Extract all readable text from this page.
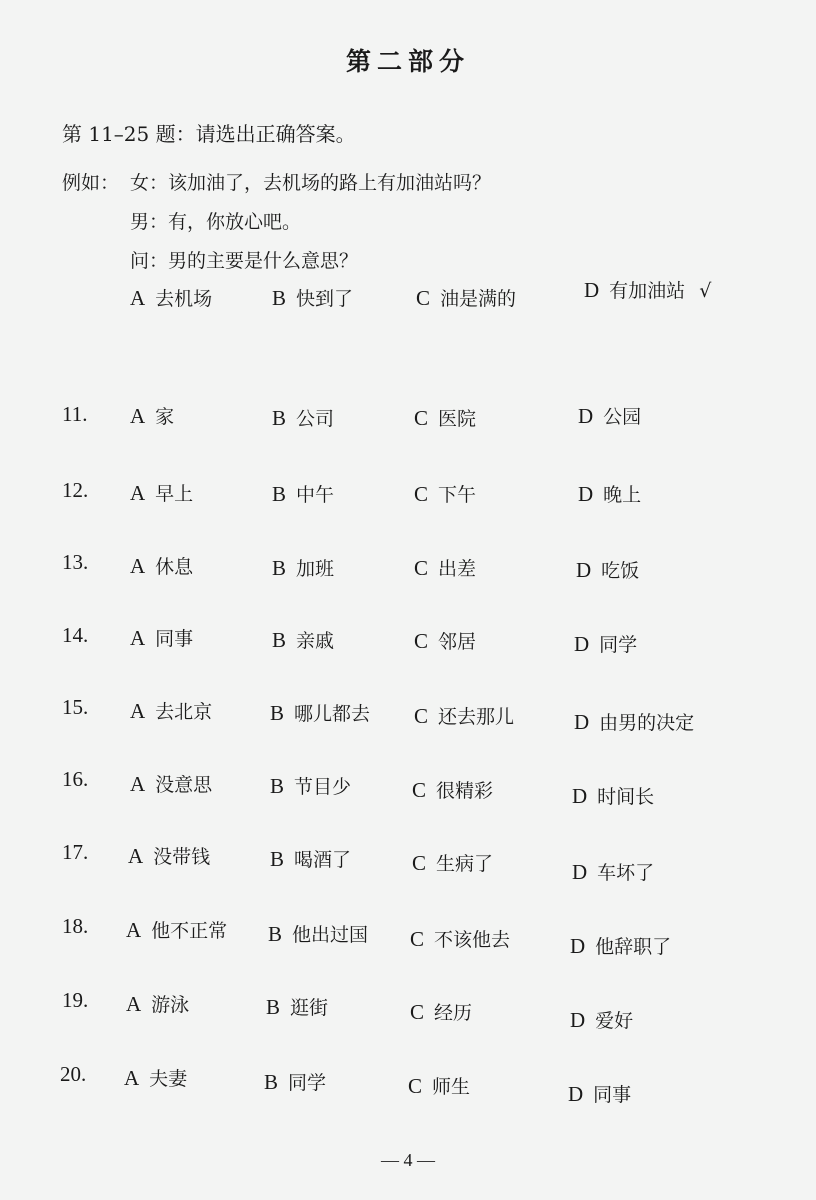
第二部分
第 11–25 题：请选出正确答案。
例如： 女：该加油了，去机场的路上有加油站吗？
男：有，你放心吧。
问：男的主要是什么意思？
A 去机场	B 快到了	C 油是满的	D 有加油站 √
11. A 家	B 公司	C 医院	D 公园
12. A 早上	B 中午	C 下午	D 晚上
13. A 休息	B 加班	C 出差	D 吃饭
14. A 同事	B 亲戚	C 邻居	D 同学
15. A 去北京	B 哪儿都去 C 还去那儿	D 由男的决定
16. A 没意思	B 节目少	C 很精彩	D 时间长
17. A 没带钱	B 喝酒了	C 生病了	D 车坏了
18. A 他不正常 B 他出过国 C 不该他去	D 他辞职了
19. A 游泳	B 逛街	C 经历	D 爱好
20. A 夫妻	B 同学	C 师生	D 同事
— 4 —
